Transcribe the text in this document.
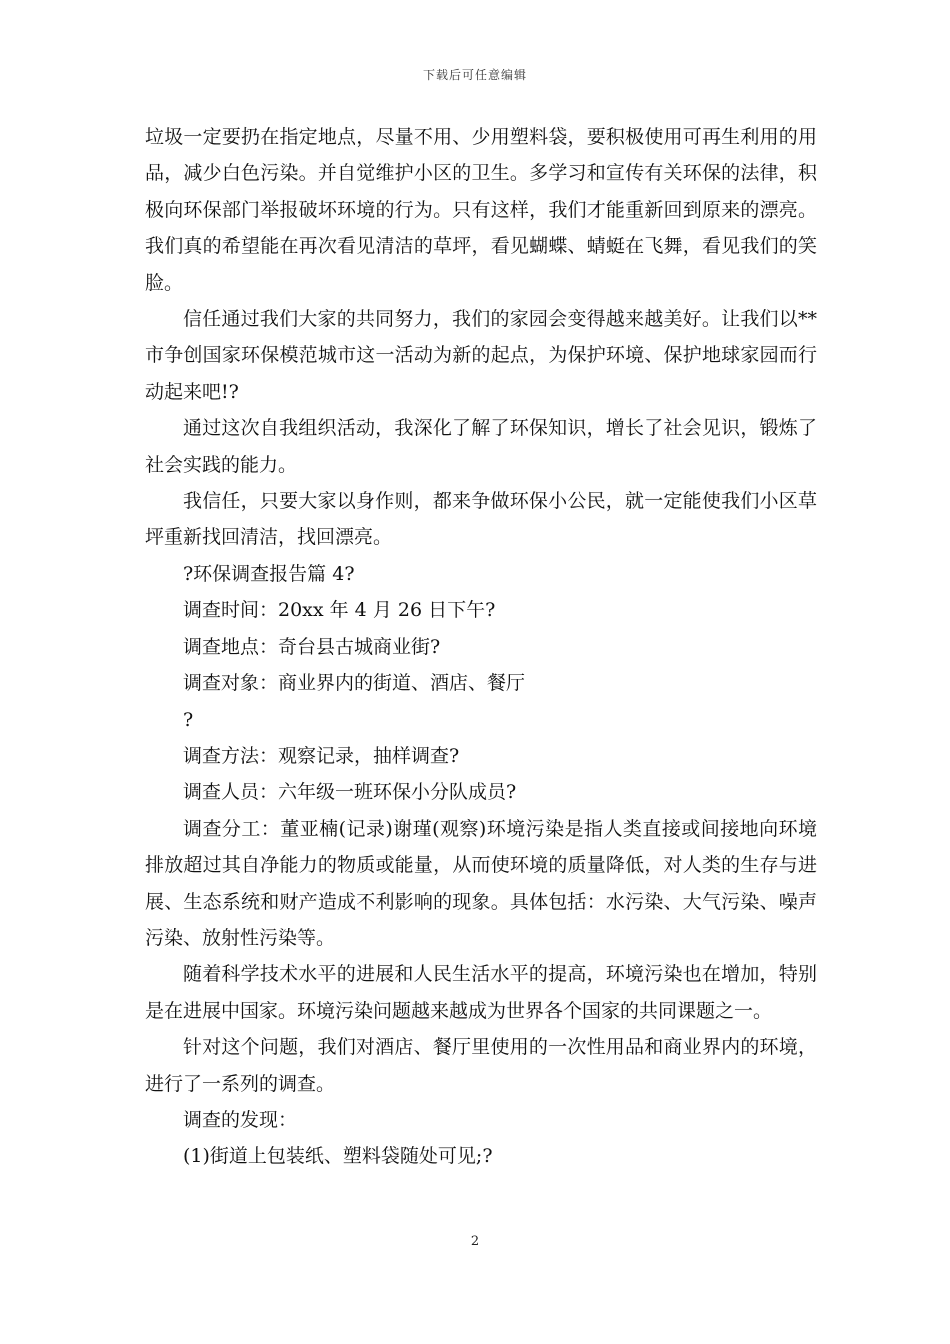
下载后可任意编辑

垃圾一定要扔在指定地点，尽量不用、少用塑料袋，要积极使用可再生利用的用品，减少白色污染。并自觉维护小区的卫生。多学习和宣传有关环保的法律，积极向环保部门举报破坏环境的行为。只有这样，我们才能重新回到原来的漂亮。我们真的希望能在再次看见清洁的草坪，看见蝴蝶、蜻蜓在飞舞，看见我们的笑脸。

信任通过我们大家的共同努力，我们的家园会变得越来越美好。让我们以**市争创国家环保模范城市这一活动为新的起点，为保护环境、保护地球家园而行动起来吧!?

通过这次自我组织活动，我深化了解了环保知识，增长了社会见识，锻炼了社会实践的能力。

我信任，只要大家以身作则，都来争做环保小公民，就一定能使我们小区草坪重新找回清洁，找回漂亮。

?环保调查报告篇 4?

调查时间：20xx 年 4 月 26 日下午?

调查地点：奇台县古城商业街?

调查对象：商业界内的街道、酒店、餐厅

?

调查方法：观察记录，抽样调查?

调查人员：六年级一班环保小分队成员?

调查分工：董亚楠(记录)谢瑾(观察)环境污染是指人类直接或间接地向环境排放超过其自净能力的物质或能量，从而使环境的质量降低，对人类的生存与进展、生态系统和财产造成不利影响的现象。具体包括：水污染、大气污染、噪声污染、放射性污染等。

随着科学技术水平的进展和人民生活水平的提高，环境污染也在增加，特别是在进展中国家。环境污染问题越来越成为世界各个国家的共同课题之一。

针对这个问题，我们对酒店、餐厅里使用的一次性用品和商业界内的环境，进行了一系列的调查。

调查的发现：

(1)街道上包装纸、塑料袋随处可见;?

2
